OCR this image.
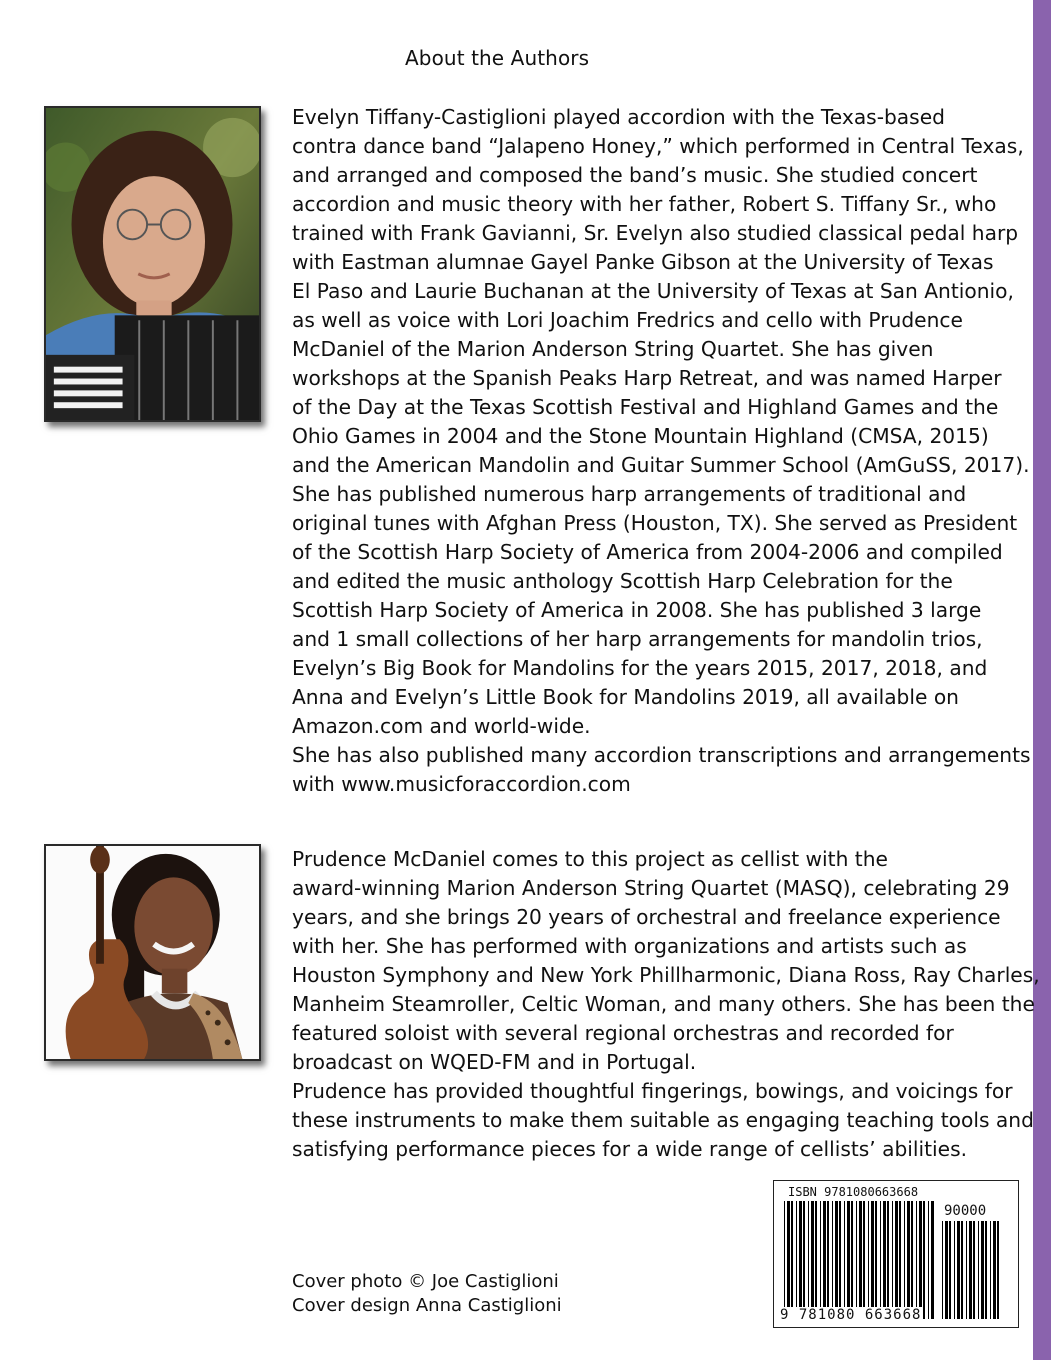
About the Authors
Evelyn Tiffany-Castiglioni played accordion with the Texas-based
contra dance band “Jalapeno Honey,” which performed in Central Texas,
and arranged and composed the band’s music. She studied concert
accordion and music theory with her father, Robert S. Tiffany Sr., who
trained with Frank Gavianni, Sr. Evelyn also studied classical pedal harp
with Eastman alumnae Gayel Panke Gibson at the University of Texas
El Paso and Laurie Buchanan at the University of Texas at San Antionio,
as well as voice with Lori Joachim Fredrics and cello with Prudence
McDaniel of the Marion Anderson String Quartet. She has given
workshops at the Spanish Peaks Harp Retreat, and was named Harper
of the Day at the Texas Scottish Festival and Highland Games and the
Ohio Games in 2004 and the Stone Mountain Highland (CMSA, 2015)
and the American Mandolin and Guitar Summer School (AmGuSS, 2017).
She has published numerous harp arrangements of traditional and
original tunes with Afghan Press (Houston, TX). She served as President
of the Scottish Harp Society of America from 2004-2006 and compiled
and edited the music anthology Scottish Harp Celebration for the
Scottish Harp Society of America in 2008. She has published 3 large
and 1 small collections of her harp arrangements for mandolin trios,
Evelyn’s Big Book for Mandolins for the years 2015, 2017, 2018, and
Anna and Evelyn’s Little Book for Mandolins 2019, all available on
Amazon.com and world-wide.
She has also published many accordion transcriptions and arrangements
with www.musicforaccordion.com
Prudence McDaniel comes to this project as cellist with the
award-winning Marion Anderson String Quartet (MASQ), celebrating 29
years, and she brings 20 years of orchestral and freelance experience
with her. She has performed with organizations and artists such as
Houston Symphony and New York Phillharmonic, Diana Ross, Ray Charles,
Manheim Steamroller, Celtic Woman, and many others. She has been the
featured soloist with several regional orchestras and recorded for
broadcast on WQED-FM and in Portugal.
Prudence has provided thoughtful fingerings, bowings, and voicings for
these instruments to make them suitable as engaging teaching tools and
satisfying performance pieces for a wide range of cellists’ abilities.
Cover photo © Joe Castiglioni
Cover design Anna Castiglioni
ISBN 9781080663668
90000
9 781080 663668
